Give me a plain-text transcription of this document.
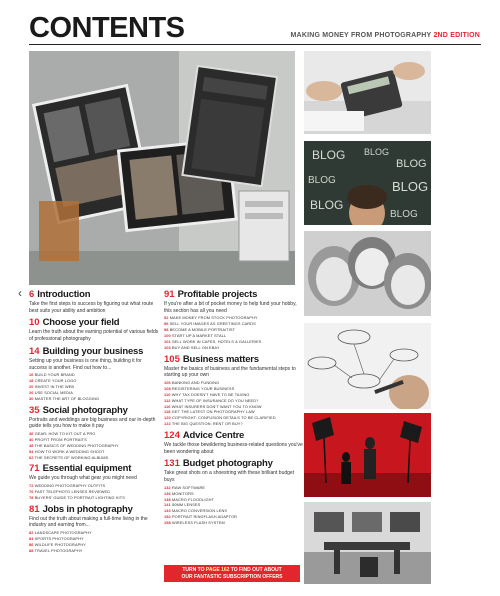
CONTENTS	MAKING MONEY FROM PHOTOGRAPHY 2ND EDITION
BLOG BLOG
BLOG
BLOG	BLOG
BLOG
BLOG
‹ 6 Introduction
Take the first steps to success by figuring out what route best suits your ability and ambition
10 Choose your field
Learn the truth about the earning potential of various fields of professional photography
14 Building your business
Setting up your business is one thing, building it for success is another. Find out how to...
16 BUILD YOUR BRAND
18 CREATE YOUR LOGO
20 INVEST IN THE WEB
26 USE SOCIAL MEDIA
30 MASTER THE ART OF BLOGGING
35 Social photography
Portraits and weddings are big business and our in-depth guide tells you how to make it pay
36 GEAR: HOW TO KIT OUT A PRO
40 PROFIT FROM PORTRAITS
48 THE BASICS OF WEDDING PHOTOGRAPHY
54 HOW TO WORK A WEDDING SHOOT
62 THE SECRETS OF WORKING ALBUMS
71 Essential equipment
We guide you through what gear you might need
72 WEDDING PHOTOGRAPHY OUTFITS
76 FAST TELEPHOTO LENSES REVIEWED
78 BUYERS' GUIDE TO PORTRAIT LIGHTING KITS
81 Jobs in photography
Find out the truth about making a full-time living in the industry and earning from...
82 LANDSCAPE PHOTOGRAPHY
84 SPORTS PHOTOGRAPHY
86 WILDLIFE PHOTOGRAPHY
88 TRAVEL PHOTOGRAPHY
91 Profitable projects
If you're after a bit of pocket money to help fund your hobby, this section has all you need
92 MAKE MONEY FROM STOCK PHOTOGRAPHY
96 SELL YOUR IMAGES AS GREETINGS CARDS
98 BECOME A MOBILE PORTRAITIST
100 START UP A MARKET STALL
101 SELL WORK IN CAFES, HOTELS & GALLERIES
103 BUY AND SELL ON EBAY
105 Business matters
Master the basics of business and the fundamental steps to starting up your own
106 BANKING AND FUNDING
108 REGISTERING YOUR BUSINESS
110 WHY TAX DOESN'T HAVE TO BE TAXING
112 WHAT TYPE OF INSURANCE DO YOU NEED?
116 WHAT INSURERS DON'T WANT YOU TO KNOW
118 GET THE LATEST ON PHOTOGRAPHY LAW
120 COPYRIGHT: CONFUSION DETAILS TO BE CLARIFIED
122 THE BIG QUESTION: RENT OR BUY?
124 Advice Centre
We tackle those bewildering business-related questions you've been wondering about
131 Budget photography
Take great shots on a shoestring with these brilliant budget buys
132 RAW SOFTWARE
136 MONITORS
138 MACRO FLOODLIGHT
141 50MM LENSES
143 MACRO CONVERSION LENS
152 PORTRAIT RINGFLASH ADAPTOR
158 WIRELESS FLASH SYSTEM
TURN TO PAGE 162 TO FIND OUT ABOUT
OUR FANTASTIC SUBSCRIPTION OFFERS
